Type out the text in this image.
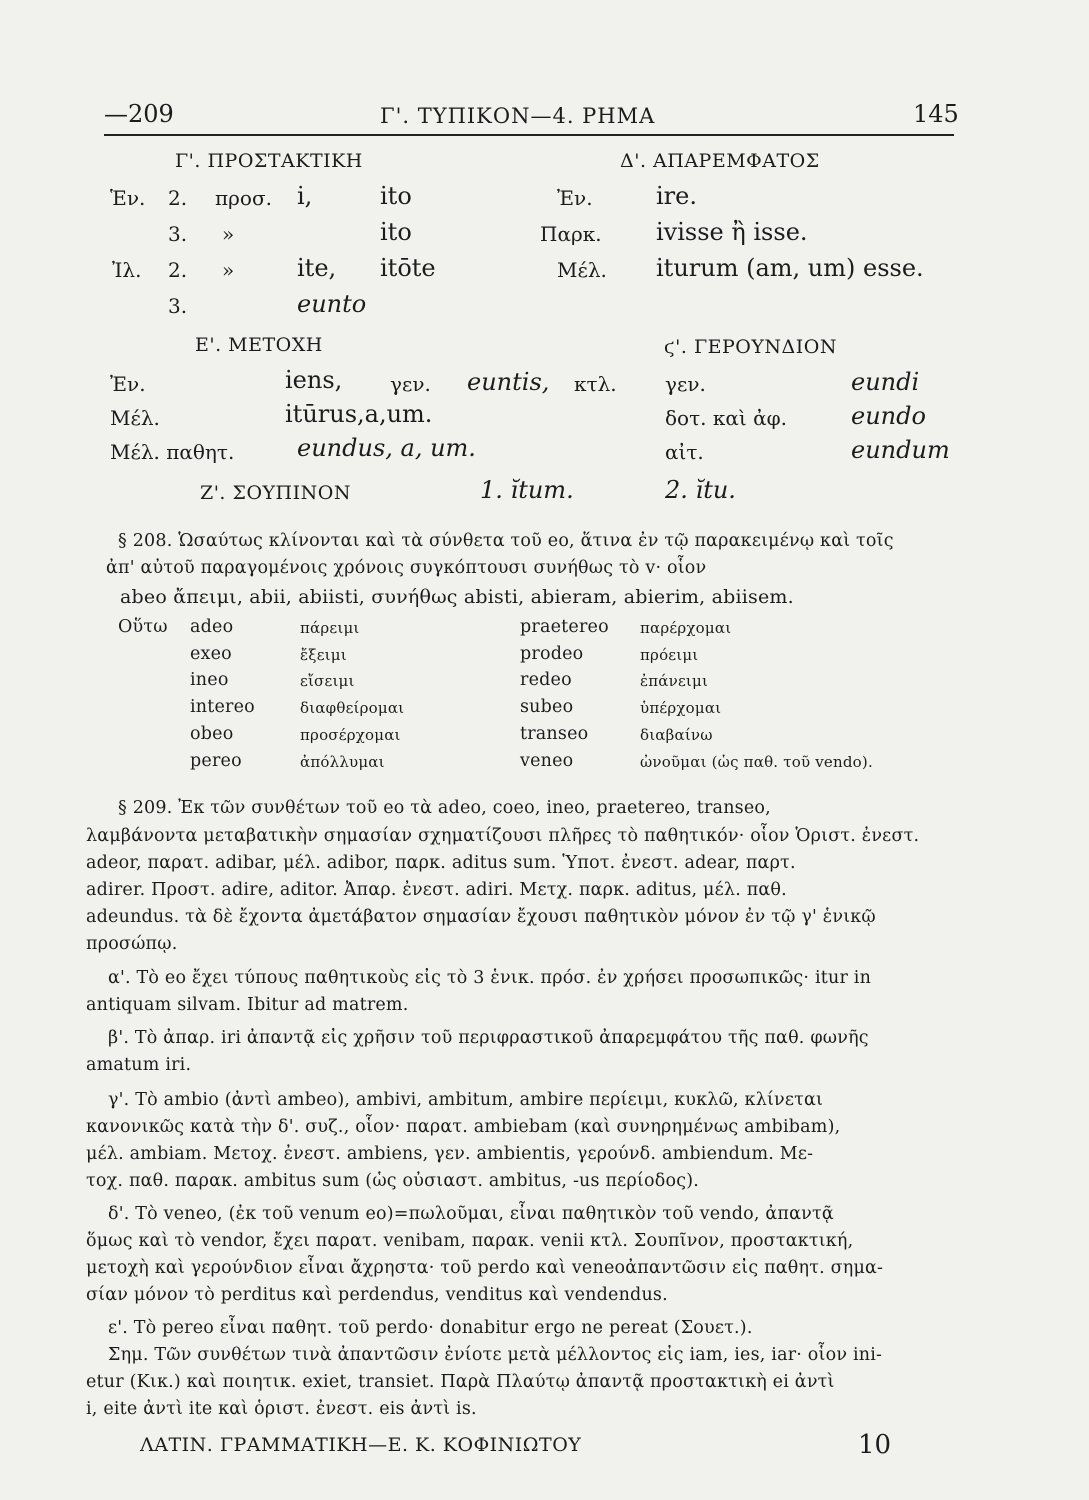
—209	Γ'. ΤΥΠΙΚΟΝ—4. ΡΗΜΑ	145
Γ'. ΠΡΟΣΤΑΚΤΙΚΗ
Ἑν. 2. προσ. i,	ito
3. »	ito
Ἰλ. 2. »	ite, itōte
3.	eunto
Δ'. ΑΠΑΡΕΜΦΑΤΟΣ
Ἐν.	ire.
Παρκ. ivisse ἢ isse.
Μέλ. iturum (am, um) esse.
Ε'. ΜΕΤΟΧΗ
Ἐν.	iens, γεν. euntis, κτλ.
Μέλ.	itūrus,a,um.
Μέλ. παθητ.	eundus, a, um.
ϛ'. ΓΕΡΟΥΝΔΙΟΝ
γεν.	eundi
δοτ. καὶ ἀφ.	eundo
αἰτ.	eundum
Ζ'. ΣΟΥΠΙΝΟΝ	1. ĭtum.	2. ĭtu.
§ 208. Ὡσαύτως κλίνονται καὶ τὰ σύνθετα τοῦ eo, ἅτινα ἐν τῷ παρακειμένῳ καὶ τοῖς
ἀπ' αὐτοῦ παραγομένοις χρόνοις συγκόπτουσι συνήθως τὸ v· οἷον
abeo ἄπειμι, abii, abiisti, συνήθως abisti, abieram, abierim, abiisem.
Οὕτω adeo	πάρειμι
exeo	ἔξειμι
ineo	εἴσειμι
intereo	διαφθείρομαι
obeo	προσέρχομαι
pereo	ἀπόλλυμαι
praetereo παρέρχομαι
prodeo	πρόειμι
redeo	ἐπάνειμι
subeo	ὑπέρχομαι
transeo	διαβαίνω
veneo	ὠνοῦμαι (ὡς παθ. τοῦ vendo).
§ 209. Ἐκ τῶν συνθέτων τοῦ eo τὰ adeo, coeo, ineo, praetereo, transeo,
λαμβάνοντα μεταβατικὴν σημασίαν σχηματίζουσι πλῆρες τὸ παθητικόν· οἷον Ὁριστ. ἐνεστ.
adeor, παρατ. adibar, μέλ. adibor, παρκ. aditus sum. Ὑποτ. ἐνεστ. adear, παρτ.
adirer. Προστ. adire, aditor. Ἀπαρ. ἐνεστ. adiri. Μετχ. παρκ. aditus, μέλ. παθ.
adeundus. τὰ δὲ ἔχοντα ἀμετάβατον σημασίαν ἔχουσι παθητικὸν μόνον ἐν τῷ γ' ἑνικῷ
προσώπῳ.
α'. Τὸ eo ἔχει τύπους παθητικοὺς εἰς τὸ 3 ἑνικ. πρόσ. ἐν χρήσει προσωπικῶς· itur in
antiquam silvam. Ibitur ad matrem.
β'. Τὸ ἀπαρ. iri ἀπαντᾷ εἰς χρῆσιν τοῦ περιφραστικοῦ ἀπαρεμφάτου τῆς παθ. φωνῆς
amatum iri.
γ'. Τὸ ambio (ἀντὶ ambeo), ambivi, ambitum, ambire περίειμι, κυκλῶ, κλίνεται
κανονικῶς κατὰ τὴν δ'. συζ., οἷον· παρατ. ambiebam (καὶ συνηρημένως ambibam),
μέλ. ambiam. Μετοχ. ἐνεστ. ambiens, γεν. ambientis, γερούνδ. ambiendum. Με-
τοχ. παθ. παρακ. ambitus sum (ὡς οὐσιαστ. ambitus, -us περίοδος).
δ'. Τὸ veneo, (ἐκ τοῦ venum eo)=πωλοῦμαι, εἶναι παθητικὸν τοῦ vendo, ἀπαντᾷ
ὅμως καὶ τὸ vendor, ἔχει παρατ. venibam, παρακ. venii κτλ. Σουπῖνον, προστακτική,
μετοχὴ καὶ γερούνδιον εἶναι ἄχρηστα· τοῦ perdo καὶ veneoἀπαντῶσιν εἰς παθητ. σημα-
σίαν μόνον τὸ perditus καὶ perdendus, venditus καὶ vendendus.
ε'. Τὸ pereo εἶναι παθητ. τοῦ perdo· donabitur ergo ne pereat (Σουετ.).
Σημ. Τῶν συνθέτων τινὰ ἀπαντῶσιν ἐνίοτε μετὰ μέλλοντος εἰς iam, ies, iar· οἷον ini-
etur (Κικ.) καὶ ποιητικ. exiet, transiet. Παρὰ Πλαύτῳ ἀπαντᾷ προστακτικὴ ei ἀντὶ
i, eite ἀντὶ ite καὶ ὁριστ. ἐνεστ. eis ἀντὶ is.
ΛΑΤΙΝ. ΓΡΑΜΜΑΤΙΚΗ—Ε. Κ. ΚΟΦΙΝΙΩΤΟΥ	10
